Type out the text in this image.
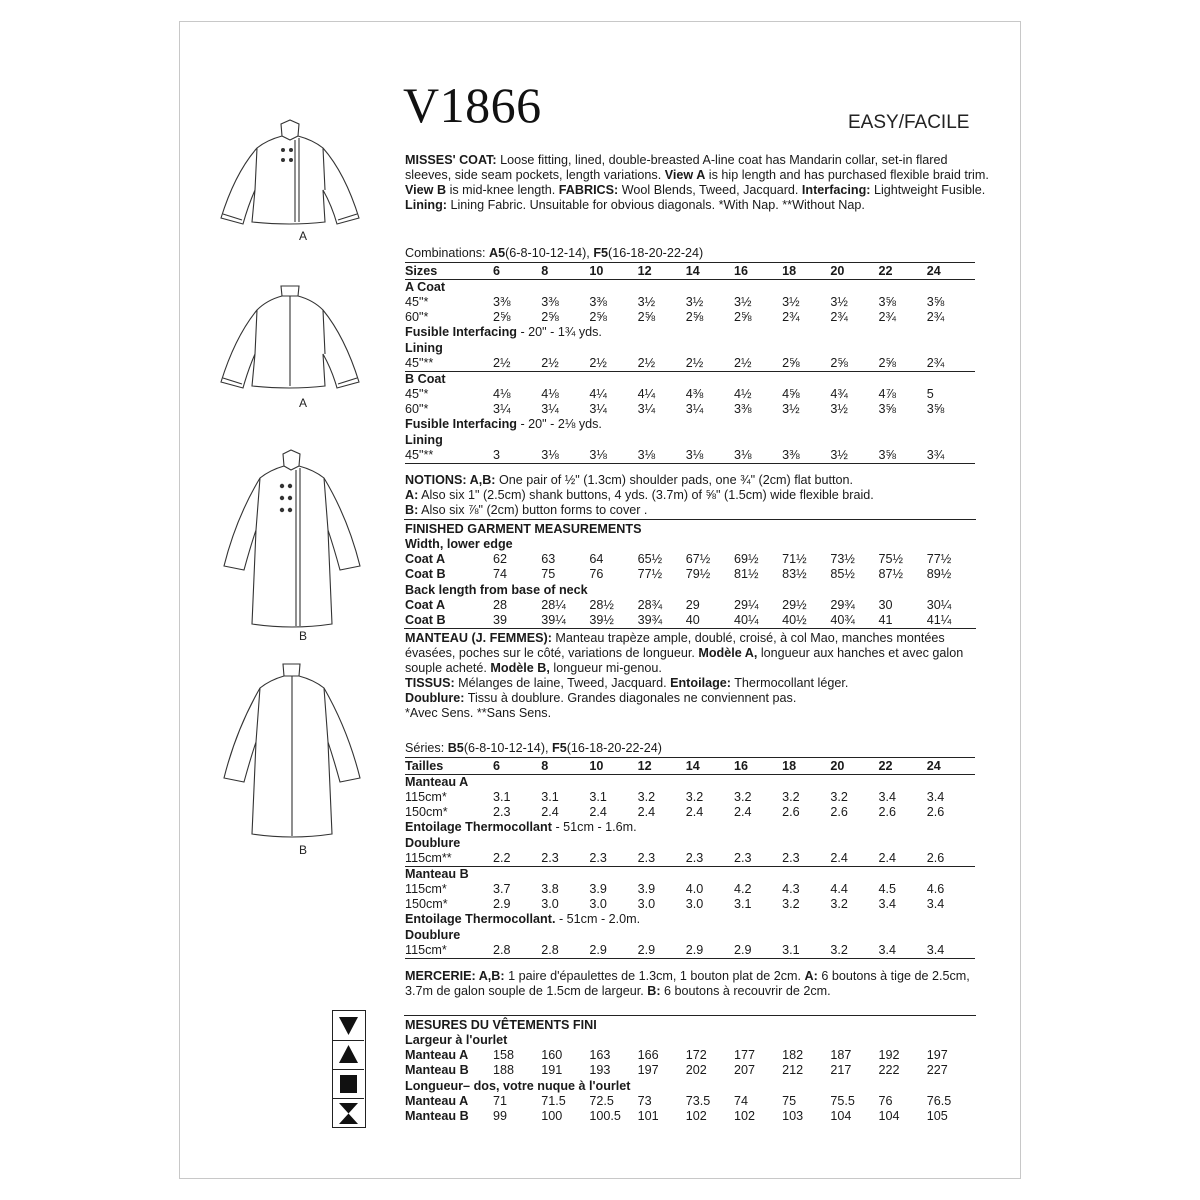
V1866	EASY/FACILE
A
A
B
B
MISSES' COAT: Loose fitting, lined, double-breasted A-line coat has Mandarin collar, set-in flared sleeves, side seam pockets, length variations. View A is hip length and has purchased flexible braid trim. View B is mid-knee length. FABRICS: Wool Blends, Tweed, Jacquard. Interfacing: Lightweight Fusible. Lining: Lining Fabric. Unsuitable for obvious diagonals. *With Nap. **Without Nap.
Combinations: A5(6-8-10-12-14), F5(16-18-20-22-24)
Sizes	6	8	10	12	14	16	18	20	22	24
A Coat										
45"*	3⅜	3⅜	3⅜	3½	3½	3½	3½	3½	3⅝	3⅝
60"*	2⅝	2⅝	2⅝	2⅝	2⅝	2⅝	2¾	2¾	2¾	2¾
Fusible Interfacing - 20" - 1¾ yds.										
Lining										
45"**	2½	2½	2½	2½	2½	2½	2⅝	2⅝	2⅝	2¾
B Coat										
45"*	4⅛	4⅛	4¼	4¼	4⅜	4½	4⅝	4¾	4⅞	5
60"*	3¼	3¼	3¼	3¼	3¼	3⅜	3½	3½	3⅝	3⅝
Fusible Interfacing - 20" - 2⅛ yds.										
Lining										
45"**	3	3⅛	3⅛	3⅛	3⅛	3⅛	3⅜	3½	3⅝	3¾
NOTIONS: A,B: One pair of ½" (1.3cm) shoulder pads, one ¾" (2cm) flat button.
A: Also six 1" (2.5cm) shank buttons, 4 yds. (3.7m) of ⅝" (1.5cm) wide flexible braid.
B: Also six ⅞" (2cm) button forms to cover .
FINISHED GARMENT MEASUREMENTS										
Width, lower edge										
Coat A	62	63	64	65½	67½	69½	71½	73½	75½	77½
Coat B	74	75	76	77½	79½	81½	83½	85½	87½	89½
Back length from base of neck										
Coat A	28	28¼	28½	28¾	29	29¼	29½	29¾	30	30¼
Coat B	39	39¼	39½	39¾	40	40¼	40½	40¾	41	41¼
MANTEAU (J. FEMMES): Manteau trapèze ample, doublé, croisé, à col Mao, manches montées évasées, poches sur le côté, variations de longueur. Modèle A, longueur aux hanches et avec galon souple acheté. Modèle B, longueur mi-genou.
TISSUS: Mélanges de laine, Tweed, Jacquard. Entoilage: Thermocollant léger.
Doublure: Tissu à doublure. Grandes diagonales ne conviennent pas.
*Avec Sens. **Sans Sens.
Séries: B5(6-8-10-12-14), F5(16-18-20-22-24)
Tailles	6	8	10	12	14	16	18	20	22	24
Manteau A										
115cm*	3.1	3.1	3.1	3.2	3.2	3.2	3.2	3.2	3.4	3.4
150cm*	2.3	2.4	2.4	2.4	2.4	2.4	2.6	2.6	2.6	2.6
Entoilage Thermocollant - 51cm - 1.6m.										
Doublure										
115cm**	2.2	2.3	2.3	2.3	2.3	2.3	2.3	2.4	2.4	2.6
Manteau B										
115cm*	3.7	3.8	3.9	3.9	4.0	4.2	4.3	4.4	4.5	4.6
150cm*	2.9	3.0	3.0	3.0	3.0	3.1	3.2	3.2	3.4	3.4
Entoilage Thermocollant. - 51cm - 2.0m.										
Doublure										
115cm*	2.8	2.8	2.9	2.9	2.9	2.9	3.1	3.2	3.4	3.4
MERCERIE: A,B: 1 paire d'épaulettes de 1.3cm, 1 bouton plat de 2cm. A: 6 boutons à tige de 2.5cm, 3.7m de galon souple de 1.5cm de largeur. B: 6 boutons à recouvrir de 2cm.
MESURES DU VÊTEMENTS FINI										
Largeur à l'ourlet										
Manteau A	158	160	163	166	172	177	182	187	192	197
Manteau B	188	191	193	197	202	207	212	217	222	227
Longueur– dos, votre nuque à l'ourlet										
Manteau A	71	71.5	72.5	73	73.5	74	75	75.5	76	76.5
Manteau B	99	100	100.5	101	102	102	103	104	104	105
